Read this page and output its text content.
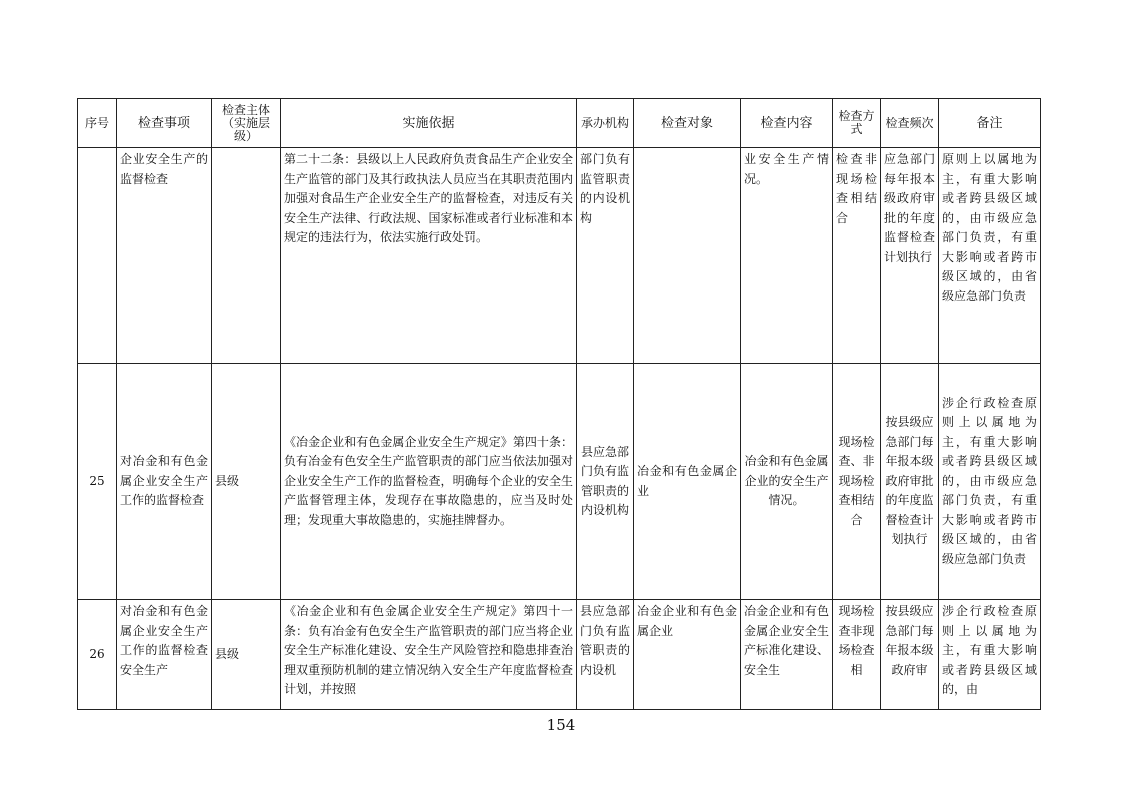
序号	检查事项	检查主体（实施层级）	实施依据	承办机构	检查对象	检查内容	检查方式	检查频次	备注
	企业安全生产的监督检查		第二十二条：县级以上人民政府负责食品生产企业安全生产监管的部门及其行政执法人员应当在其职责范围内加强对食品生产企业安全生产的监督检查，对违反有关安全生产法律、行政法规、国家标准或者行业标准和本规定的违法行为，依法实施行政处罚。	部门负有监管职责的内设机构		业安全生产情况。	检查非现场检查相结合	应急部门每年报本级政府审批的年度监督检查计划执行	原则上以属地为主，有重大影响或者跨县级区域的，由市级应急部门负责，有重大影响或者跨市级区域的，由省级应急部门负责
25	对冶金和有色金属企业安全生产工作的监督检查	县级	《冶金企业和有色金属企业安全生产规定》第四十条：负有冶金有色安全生产监管职责的部门应当依法加强对企业安全生产工作的监督检查，明确每个企业的安全生产监督管理主体，发现存在事故隐患的，应当及时处理；发现重大事故隐患的，实施挂牌督办。	县应急部门负有监管职责的内设机构	冶金和有色金属企业	冶金和有色金属企业的安全生产情况。	现场检查、非现场检查相结合	按县级应急部门每年报本级政府审批的年度监督检查计划执行	涉企行政检查原则上以属地为主，有重大影响或者跨县级区域的，由市级应急部门负责，有重大影响或者跨市级区域的，由省级应急部门负责
26	对冶金和有色金属企业安全生产工作的监督检查安全生产	县级	《冶金企业和有色金属企业安全生产规定》第四十一条：负有冶金有色安全生产监管职责的部门应当将企业安全生产标准化建设、安全生产风险管控和隐患排查治理双重预防机制的建立情况纳入安全生产年度监督检查计划，并按照	县应急部门负有监管职责的内设机	冶金企业和有色金属企业	冶金企业和有色金属企业安全生产标准化建设、安全生	现场检查非现场检查相	按县级应急部门每年报本级政府审	涉企行政检查原则上以属地为主，有重大影响或者跨县级区域的，由
154
